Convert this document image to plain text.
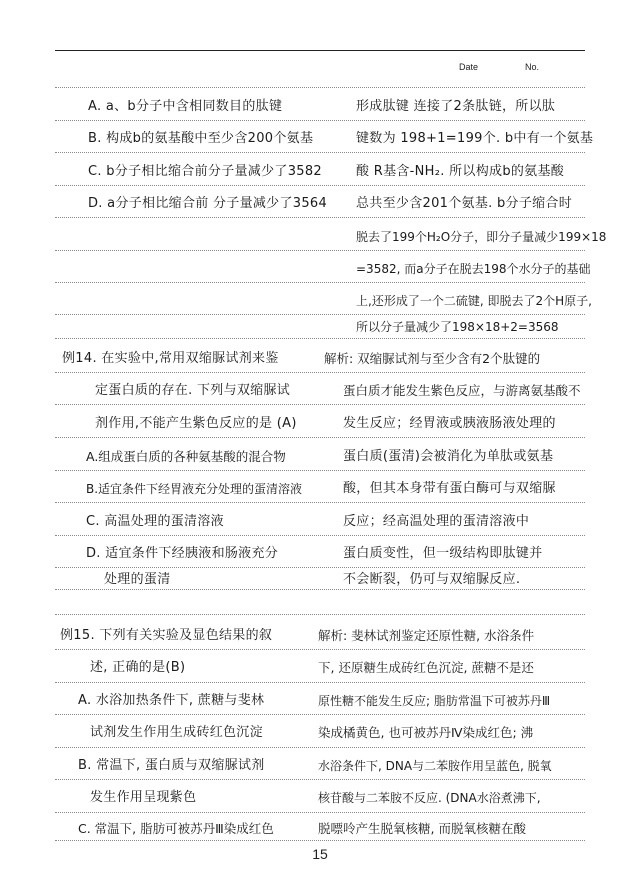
Date	No.
A. a、b分子中含相同数目的肽键
B. 构成b的氨基酸中至少含200个氨基
C. b分子相比缩合前分子量减少了3582
D. a分子相比缩合前 分子量减少了3564
形成肽键 连接了2条肽链，所以肽
键数为 198+1=199个. b中有一个氨基
酸 R基含-NH₂. 所以构成b的氨基酸
总共至少含201个氨基. b分子缩合时
脱去了199个H₂O分子，即分子量减少199×18
=3582, 而a分子在脱去198个水分子的基础
上,还形成了一个二硫键, 即脱去了2个H原子,
所以分子量减少了198×18+2=3568
例14. 在实验中,常用双缩脲试剂来鉴
定蛋白质的存在. 下列与双缩脲试
剂作用,不能产生紫色反应的是 (A)
A.组成蛋白质的各种氨基酸的混合物
B.适宜条件下经胃液充分处理的蛋清溶液
C. 高温处理的蛋清溶液
D. 适宜条件下经胰液和肠液充分
处理的蛋清
解析: 双缩脲试剂与至少含有2个肽键的
蛋白质才能发生紫色反应，与游离氨基酸不
发生反应；经胃液或胰液肠液处理的
蛋白质(蛋清)会被消化为单肽或氨基
酸，但其本身带有蛋白酶可与双缩脲
反应；经高温处理的蛋清溶液中
蛋白质变性，但一级结构即肽键并
不会断裂，仍可与双缩脲反应.
例15. 下列有关实验及显色结果的叙
述, 正确的是(B)
A. 水浴加热条件下, 蔗糖与斐林
试剂发生作用生成砖红色沉淀
B. 常温下, 蛋白质与双缩脲试剂
发生作用呈现紫色
C. 常温下, 脂肪可被苏丹Ⅲ染成红色
解析: 斐林试剂鉴定还原性糖, 水浴条件
下, 还原糖生成砖红色沉淀, 蔗糖不是还
原性糖不能发生反应; 脂肪常温下可被苏丹Ⅲ
染成橘黄色, 也可被苏丹Ⅳ染成红色; 沸
水浴条件下, DNA与二苯胺作用呈蓝色, 脱氧
核苷酸与二苯胺不反应. (DNA水浴煮沸下,
脱嘌呤产生脱氧核糖, 而脱氧核糖在酸
15
